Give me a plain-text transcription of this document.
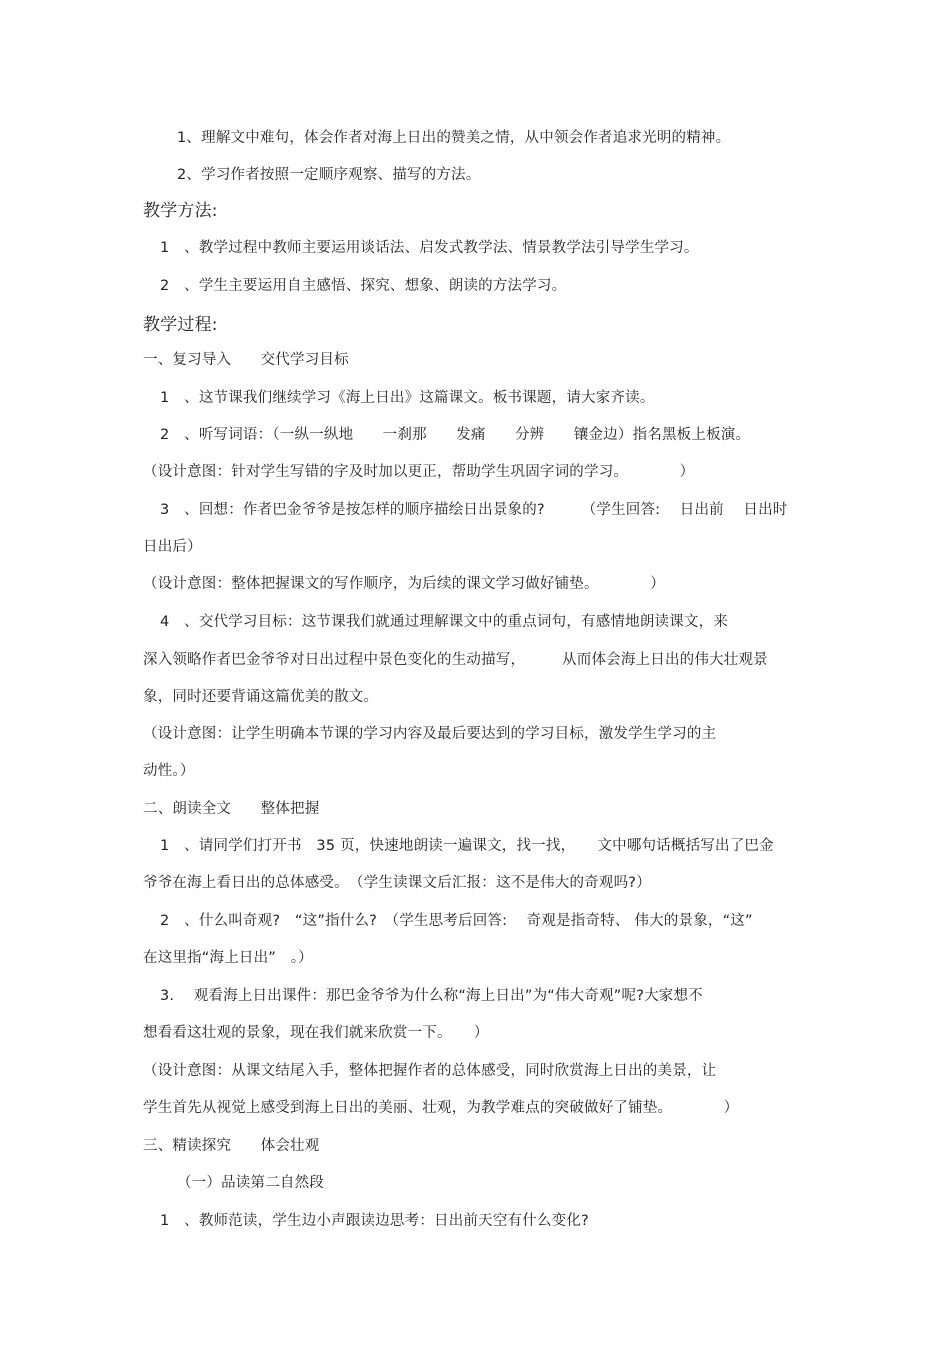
1、理解文中难句，体会作者对海上日出的赞美之情，从中领会作者追求光明的精神。
2、学习作者按照一定顺序观察、描写的方法。
教学方法:
1　、教学过程中教师主要运用谈话法、启发式教学法、情景教学法引导学生学习。
2　、学生主要运用自主感悟、探究、想象、朗读的方法学习。
教学过程:
一、复习导入　　交代学习目标
1　、这节课我们继续学习《海上日出》这篇课文。板书课题，请大家齐读。
2　、听写词语：（一纵一纵地　　一刹那　　发痛　　分辨　　镶金边）指名黑板上板演。
（设计意图：针对学生写错的字及时加以更正，帮助学生巩固字词的学习。　　　　）
3　、回想：作者巴金爷爷是按怎样的顺序描绘日出景象的?　　　（学生回答:　 日出前　 日出时
日出后）
（设计意图：整体把握课文的写作顺序，为后续的课文学习做好铺垫。　　　　）
4　、交代学习目标：这节课我们就通过理解课文中的重点词句，有感情地朗读课文，来
深入领略作者巴金爷爷对日出过程中景色变化的生动描写，　　　从而体会海上日出的伟大壮观景
象，同时还要背诵这篇优美的散文。
（设计意图：让学生明确本节课的学习内容及最后要达到的学习目标，激发学生学习的主
动性。）
二、朗读全文　　整体把握
1　、请同学们打开书　35 页，快速地朗读一遍课文，找一找，　　文中哪句话概括写出了巴金
爷爷在海上看日出的总体感受。　（学生读课文后汇报：这不是伟大的奇观吗?）
2　、什么叫奇观?　“这”指什么?　（学生思考后回答:　 奇观是指奇特、 伟大的景象，“这”
在这里指“海上日出”　。）
3.　 观看海上日出课件：那巴金爷爷为什么称“海上日出”为“伟大奇观”呢?大家想不
想看看这壮观的景象，现在我们就来欣赏一下。　　）
（设计意图：从课文结尾入手，整体把握作者的总体感受，同时欣赏海上日出的美景，让
学生首先从视觉上感受到海上日出的美丽、壮观，为教学难点的突破做好了铺垫。　　　　）
三、精读探究　　体会壮观
（一）品读第二自然段
1　、教师范读，学生边小声跟读边思考：日出前天空有什么变化?
